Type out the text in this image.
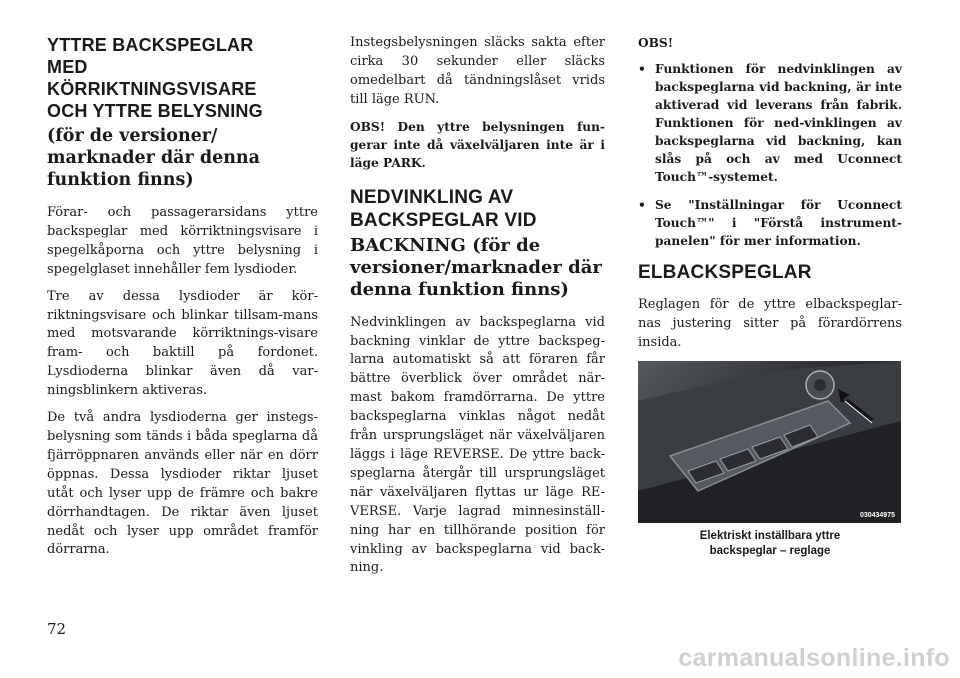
YTTRE BACKSPEGLAR
MED
KÖRRIKTNINGSVISARE
OCH YTTRE BELYSNING
(för de versioner/
marknader där denna
funktion finns)

Förar- och passagerarsidans yttre backspeglar med körriktningsvisare i spegelkåporna och yttre belysning i spegelglaset innehåller fem lysdioder.

Tre av dessa lysdioder är kör-riktningsvisare och blinkar tillsam-mans med motsvarande körriktnings-visare fram- och baktill på fordonet. Lysdioderna blinkar även då var-ningsblinkern aktiveras.

De två andra lysdioderna ger instegs-belysning som tänds i båda speglarna då fjärröppnaren används eller när en dörr öppnas. Dessa lysdioder riktar ljuset utåt och lyser upp de främre och bakre dörrhandtagen. De riktar även ljuset nedåt och lyser upp området framför dörrarna.

Instegsbelysningen släcks sakta efter cirka 30 sekunder eller släcks omedelbart då tändningslåset vrids till läge RUN.

OBS! Den yttre belysningen fun-gerar inte då växelväljaren inte är i läge PARK.

NEDVINKLING AV
BACKSPEGLAR VID
BACKNING (för de
versioner/marknader där
denna funktion finns)

Nedvinklingen av backspeglarna vid backning vinklar de yttre backspeg-larna automatiskt så att föraren får bättre överblick över området när-mast bakom framdörrarna. De yttre backspeglarna vinklas något nedåt från ursprungsläget när växelväljaren läggs i läge REVERSE. De yttre back-speglarna återgår till ursprungsläget när växelväljaren flyttas ur läge RE-VERSE. Varje lagrad minnesinställ-ning har en tillhörande position för vinkling av backspeglarna vid back-ning.

OBS!

• Funktionen för nedvinklingen av backspeglarna vid backning, är inte aktiverad vid leverans från fabrik. Funktionen för ned-vinklingen av backspeglarna vid backning, kan slås på och av med Uconnect Touch™-systemet.
• Se "Inställningar för Uconnect Touch™" i "Förstå instrument-panelen" för mer information.
ELBACKSPEGLAR

Reglagen för de yttre elbackspeglar-nas justering sitter på förardörrens insida.

030434975
Elektriskt inställbara yttre
backspeglar – reglage
72
carmanualsonline.info
